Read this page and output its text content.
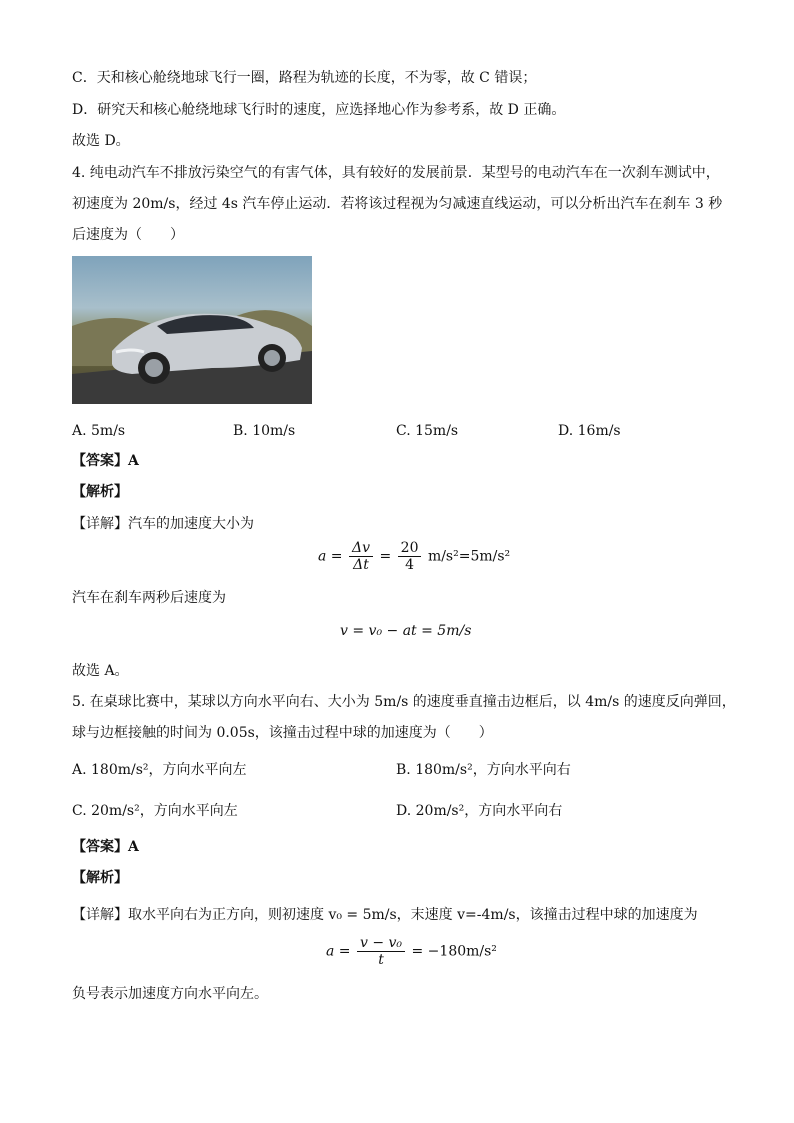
C．天和核心舱绕地球飞行一圈，路程为轨迹的长度，不为零，故 C 错误；
D．研究天和核心舱绕地球飞行时的速度，应选择地心作为参考系，故 D 正确。
故选 D。
4. 纯电动汽车不排放污染空气的有害气体，具有较好的发展前景．某型号的电动汽车在一次刹车测试中，
初速度为 20m/s，经过 4s 汽车停止运动．若将该过程视为匀减速直线运动，可以分析出汽车在刹车 3 秒
后速度为（　　）
A. 5m/s	B. 10m/s	C. 15m/s	D. 16m/s
【答案】A
【解析】
【详解】汽车的加速度大小为
$a = \frac{\Delta v}{\Delta t} = \frac{20}{4} m/s^2=5m/s^2$
汽车在刹车两秒后速度为
v = v₀ − at = 5m/s
故选 A。
5. 在桌球比赛中，某球以方向水平向右、大小为 5m/s 的速度垂直撞击边框后，以 4m/s 的速度反向弹回，
球与边框接触的时间为 0.05s，该撞击过程中球的加速度为（　　）
A. 180m/s²，方向水平向左	B. 180m/s²，方向水平向右
C. 20m/s²，方向水平向左	D. 20m/s²，方向水平向右
【答案】A
【解析】
【详解】取水平向右为正方向，则初速度 v₀ = 5m/s，末速度 v=-4m/s，该撞击过程中球的加速度为
$a = \frac{\text{v − v₀}}{t} = -180m/s^2$
负号表示加速度方向水平向左。
